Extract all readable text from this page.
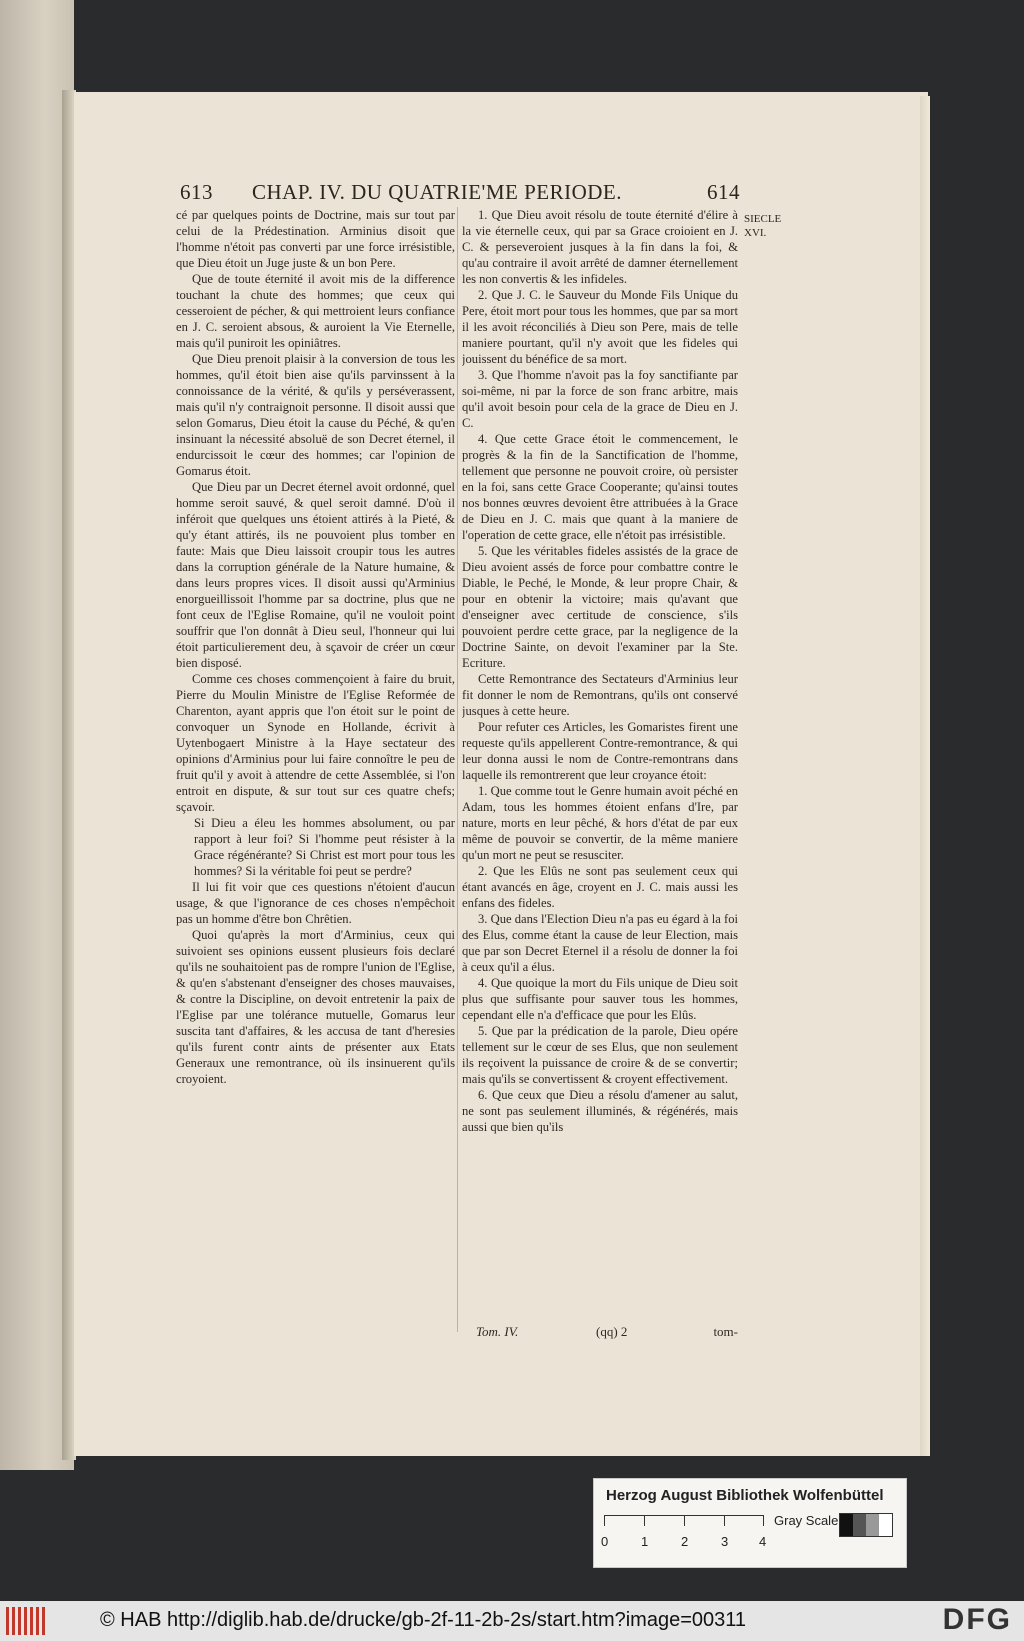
613 CHAP. IV. DU QUATRIE'ME PERIODE.	614
SIECLE XVI.

cé par quelques points de Doctrine, mais sur tout par celui de la Prédestination. Arminius disoit que l'homme n'étoit pas converti par une force irrésistible, que Dieu étoit un Juge juste & un bon Pere.

Que de toute éternité il avoit mis de la difference touchant la chute des hommes; que ceux qui cesseroient de pécher, & qui mettroient leurs confiance en J. C. seroient absous, & auroient la Vie Eternelle, mais qu'il puniroit les opiniâtres.

Que Dieu prenoit plaisir à la conversion de tous les hommes, qu'il étoit bien aise qu'ils parvinssent à la connoissance de la vérité, & qu'ils y perséverassent, mais qu'il n'y contraignoit personne. Il disoit aussi que selon Gomarus, Dieu étoit la cause du Péché, & qu'en insinuant la nécessité absoluë de son Decret éternel, il endurcissoit le cœur des hommes; car l'opinion de Gomarus étoit.

Que Dieu par un Decret éternel avoit ordonné, quel homme seroit sauvé, & quel seroit damné. D'où il inféroit que quelques uns étoient attirés à la Pieté, & qu'y étant attirés, ils ne pouvoient plus tomber en faute: Mais que Dieu laissoit croupir tous les autres dans la corruption générale de la Nature humaine, & dans leurs propres vices. Il disoit aussi qu'Arminius enorgueillissoit l'homme par sa doctrine, plus que ne font ceux de l'Eglise Romaine, qu'il ne vouloit point souffrir que l'on donnât à Dieu seul, l'honneur qui lui étoit particulierement deu, à sçavoir de créer un cœur bien disposé.

Comme ces choses commençoient à faire du bruit, Pierre du Moulin Ministre de l'Eglise Reformée de Charenton, ayant appris que l'on étoit sur le point de convoquer un Synode en Hollande, écrivit à Uytenbogaert Ministre à la Haye sectateur des opinions d'Arminius pour lui faire connoître le peu de fruit qu'il y avoit à attendre de cette Assemblée, si l'on entroit en dispute, & sur tout sur ces quatre chefs; sçavoir.

Si Dieu a éleu les hommes absolument, ou par rapport à leur foi? Si l'homme peut résister à la Grace régénérante? Si Christ est mort pour tous les hommes? Si la véritable foi peut se perdre?

Il lui fit voir que ces questions n'étoient d'aucun usage, & que l'ignorance de ces choses n'empêchoit pas un homme d'être bon Chrêtien.

Quoi qu'après la mort d'Arminius, ceux qui suivoient ses opinions eussent plusieurs fois declaré qu'ils ne souhaitoient pas de rompre l'union de l'Eglise, & qu'en s'abstenant d'enseigner des choses mauvaises, & contre la Discipline, on devoit entretenir la paix de l'Eglise par une tolérance mutuelle, Gomarus leur suscita tant d'affaires, & les accusa de tant d'heresies qu'ils furent contr aints de présenter aux Etats Generaux une remontrance, où ils insinuerent qu'ils croyoient.

1. Que Dieu avoit résolu de toute éternité d'élire à la vie éternelle ceux, qui par sa Grace croioient en J. C. & perseveroient jusques à la fin dans la foi, & qu'au contraire il avoit arrêté de damner éternellement les non convertis & les infideles.

2. Que J. C. le Sauveur du Monde Fils Unique du Pere, étoit mort pour tous les hommes, que par sa mort il les avoit réconciliés à Dieu son Pere, mais de telle maniere pourtant, qu'il n'y avoit que les fideles qui jouissent du bénéfice de sa mort.

3. Que l'homme n'avoit pas la foy sanctifiante par soi-même, ni par la force de son franc arbitre, mais qu'il avoit besoin pour cela de la grace de Dieu en J. C.

4. Que cette Grace étoit le commencement, le progrès & la fin de la Sanctification de l'homme, tellement que personne ne pouvoit croire, où persister en la foi, sans cette Grace Cooperante; qu'ainsi toutes nos bonnes œuvres devoient être attribuées à la Grace de Dieu en J. C. mais que quant à la maniere de l'operation de cette grace, elle n'étoit pas irrésistible.

5. Que les véritables fideles assistés de la grace de Dieu avoient assés de force pour combattre contre le Diable, le Peché, le Monde, & leur propre Chair, & pour en obtenir la victoire; mais qu'avant que d'enseigner avec certitude de conscience, s'ils pouvoient perdre cette grace, par la negligence de la Doctrine Sainte, on devoit l'examiner par la Ste. Ecriture.

Cette Remontrance des Sectateurs d'Arminius leur fit donner le nom de Remontrans, qu'ils ont conservé jusques à cette heure.

Pour refuter ces Articles, les Gomaristes firent une requeste qu'ils appellerent Contre-remontrance, & qui leur donna aussi le nom de Contre-remontrans dans laquelle ils remontrerent que leur croyance étoit:

1. Que comme tout le Genre humain avoit péché en Adam, tous les hommes étoient enfans d'Ire, par nature, morts en leur pêché, & hors d'état de par eux même de pouvoir se convertir, de la même maniere qu'un mort ne peut se resusciter.

2. Que les Elûs ne sont pas seulement ceux qui étant avancés en âge, croyent en J. C. mais aussi les enfans des fideles.

3. Que dans l'Election Dieu n'a pas eu égard à la foi des Elus, comme étant la cause de leur Election, mais que par son Decret Eternel il a résolu de donner la foi à ceux qu'il a élus.

4. Que quoique la mort du Fils unique de Dieu soit plus que suffisante pour sauver tous les hommes, cependant elle n'a d'efficace que pour les Elûs.

5. Que par la prédication de la parole, Dieu opére tellement sur le cœur de ses Elus, que non seulement ils reçoivent la puissance de croire & de se convertir; mais qu'ils se convertissent & croyent effectivement.

6. Que ceux que Dieu a résolu d'amener au salut, ne sont pas seulement illuminés, & régénérés, mais aussi que bien qu'ils

Tom. IV.	(qq) 2	tom-
Herzog August Bibliothek Wolfenbüttel
0	1	2	3 4
Gray Scale
© HAB http://diglib.hab.de/drucke/gb-2f-11-2b-2s/start.htm?image=00311	DFG
